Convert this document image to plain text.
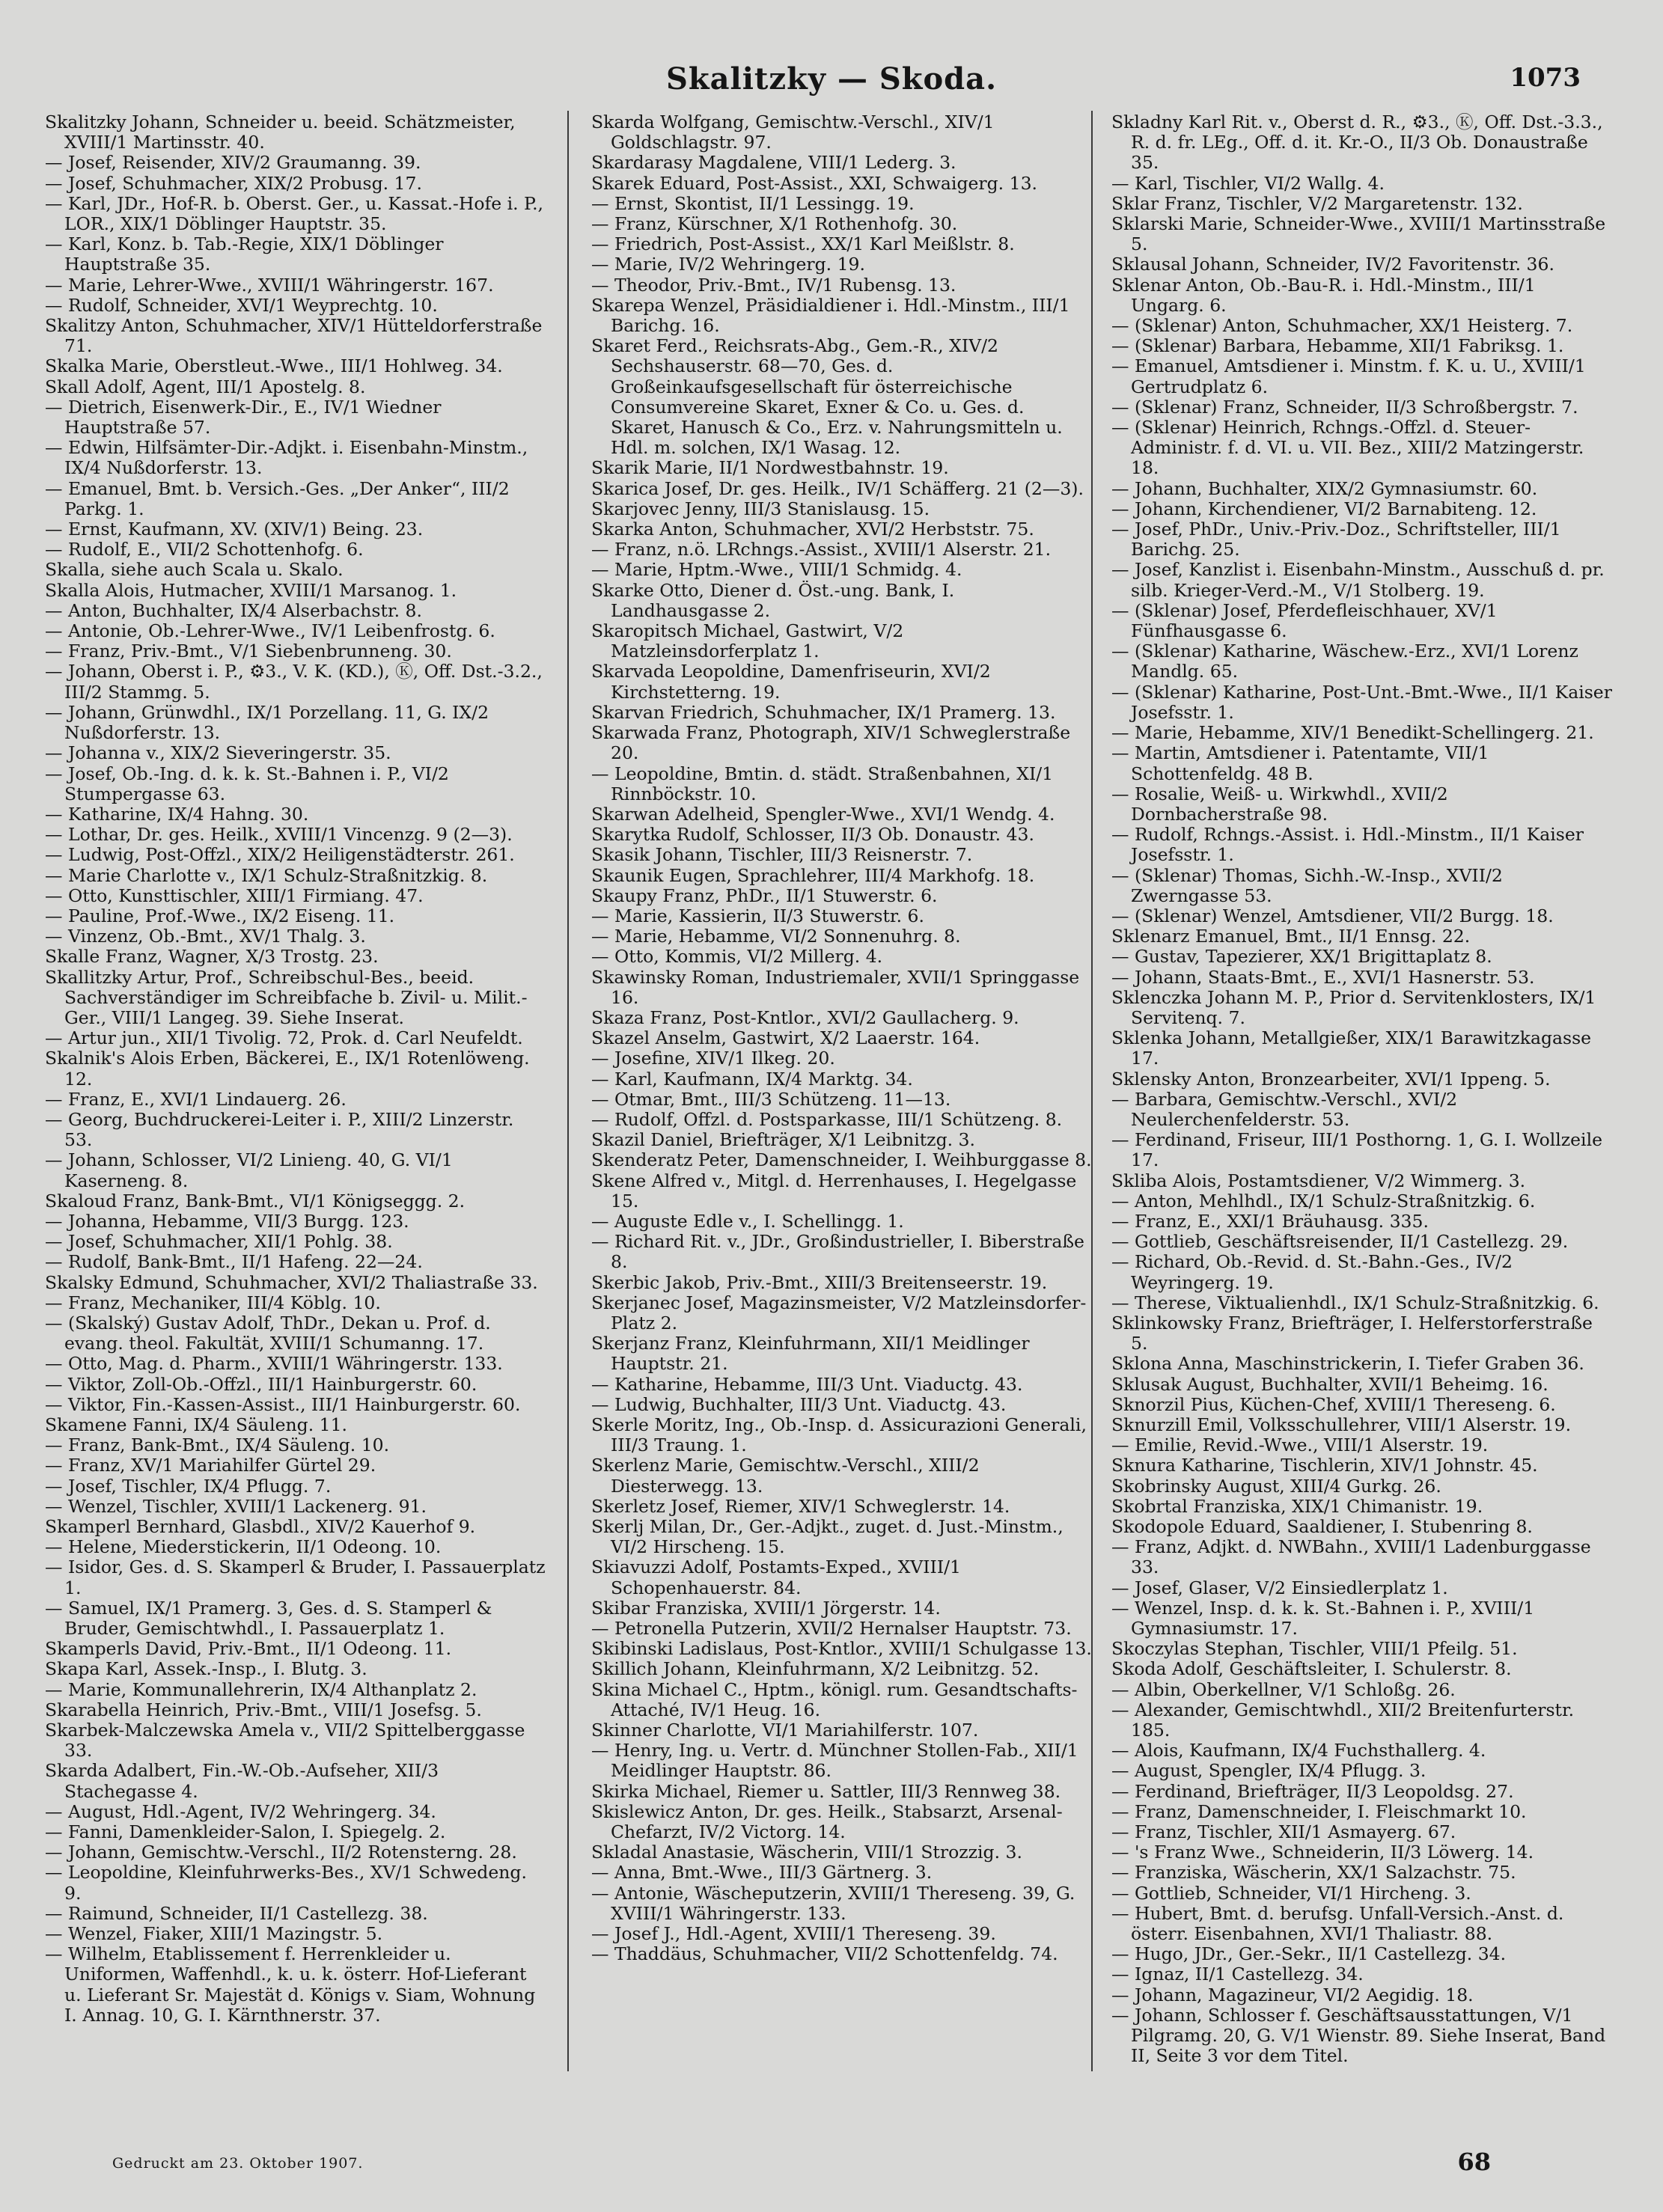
Skalitzky — Skoda.	1073

Skalitzky Johann, Schneider u. beeid. Schätzmeister, XVIII/1 Martinsstr. 40.

— Josef, Reisender, XIV/2 Graumanng. 39.

— Josef, Schuhmacher, XIX/2 Probusg. 17.

— Karl, JDr., Hof-R. b. Oberst. Ger., u. Kassat.-Hofe i. P., LOR., XIX/1 Döblinger Hauptstr. 35.

— Karl, Konz. b. Tab.-Regie, XIX/1 Döblinger Hauptstraße 35.

— Marie, Lehrer-Wwe., XVIII/1 Währingerstr. 167.

— Rudolf, Schneider, XVI/1 Weyprechtg. 10.

Skalitzy Anton, Schuhmacher, XIV/1 Hütteldorferstraße 71.

Skalka Marie, Oberstleut.-Wwe., III/1 Hohlweg. 34.

Skall Adolf, Agent, III/1 Apostelg. 8.

— Dietrich, Eisenwerk-Dir., E., IV/1 Wiedner Hauptstraße 57.

— Edwin, Hilfsämter-Dir.-Adjkt. i. Eisenbahn-Minstm., IX/4 Nußdorferstr. 13.

— Emanuel, Bmt. b. Versich.-Ges. „Der Anker“, III/2 Parkg. 1.

— Ernst, Kaufmann, XV. (XIV/1) Being. 23.

— Rudolf, E., VII/2 Schottenhofg. 6.

Skalla, siehe auch Scala u. Skalo.

Skalla Alois, Hutmacher, XVIII/1 Marsanog. 1.

— Anton, Buchhalter, IX/4 Alserbachstr. 8.

— Antonie, Ob.-Lehrer-Wwe., IV/1 Leibenfrostg. 6.

— Franz, Priv.-Bmt., V/1 Siebenbrunneng. 30.

— Johann, Oberst i. P., ⚙3., V. K. (KD.), Ⓚ, Off. Dst.-3.2., III/2 Stammg. 5.

— Johann, Grünwdhl., IX/1 Porzellang. 11, G. IX/2 Nußdorferstr. 13.

— Johanna v., XIX/2 Sieveringerstr. 35.

— Josef, Ob.-Ing. d. k. k. St.-Bahnen i. P., VI/2 Stumpergasse 63.

— Katharine, IX/4 Hahng. 30.

— Lothar, Dr. ges. Heilk., XVIII/1 Vincenzg. 9 (2—3).

— Ludwig, Post-Offzl., XIX/2 Heiligenstädterstr. 261.

— Marie Charlotte v., IX/1 Schulz-Straßnitzkig. 8.

— Otto, Kunsttischler, XIII/1 Firmiang. 47.

— Pauline, Prof.-Wwe., IX/2 Eiseng. 11.

— Vinzenz, Ob.-Bmt., XV/1 Thalg. 3.

Skalle Franz, Wagner, X/3 Trostg. 23.

Skallitzky Artur, Prof., Schreibschul-Bes., beeid. Sachverständiger im Schreibfache b. Zivil- u. Milit.-Ger., VIII/1 Langeg. 39. Siehe Inserat.

— Artur jun., XII/1 Tivolig. 72, Prok. d. Carl Neufeldt.

Skalnik's Alois Erben, Bäckerei, E., IX/1 Rotenlöweng. 12.

— Franz, E., XVI/1 Lindauerg. 26.

— Georg, Buchdruckerei-Leiter i. P., XIII/2 Linzerstr. 53.

— Johann, Schlosser, VI/2 Linieng. 40, G. VI/1 Kaserneng. 8.

Skaloud Franz, Bank-Bmt., VI/1 Königseggg. 2.

— Johanna, Hebamme, VII/3 Burgg. 123.

— Josef, Schuhmacher, XII/1 Pohlg. 38.

— Rudolf, Bank-Bmt., II/1 Hafeng. 22—24.

Skalsky Edmund, Schuhmacher, XVI/2 Thaliastraße 33.

— Franz, Mechaniker, III/4 Köblg. 10.

— (Skalský) Gustav Adolf, ThDr., Dekan u. Prof. d. evang. theol. Fakultät, XVIII/1 Schumanng. 17.

— Otto, Mag. d. Pharm., XVIII/1 Währingerstr. 133.

— Viktor, Zoll-Ob.-Offzl., III/1 Hainburgerstr. 60.

— Viktor, Fin.-Kassen-Assist., III/1 Hainburgerstr. 60.

Skamene Fanni, IX/4 Säuleng. 11.

— Franz, Bank-Bmt., IX/4 Säuleng. 10.

— Franz, XV/1 Mariahilfer Gürtel 29.

— Josef, Tischler, IX/4 Pflugg. 7.

— Wenzel, Tischler, XVIII/1 Lackenerg. 91.

Skamperl Bernhard, Glasbdl., XIV/2 Kauerhof 9.

— Helene, Miederstickerin, II/1 Odeong. 10.

— Isidor, Ges. d. S. Skamperl & Bruder, I. Passauerplatz 1.

— Samuel, IX/1 Pramerg. 3, Ges. d. S. Stamperl & Bruder, Gemischtwhdl., I. Passauerplatz 1.

Skamperls David, Priv.-Bmt., II/1 Odeong. 11.

Skapa Karl, Assek.-Insp., I. Blutg. 3.

— Marie, Kommunallehrerin, IX/4 Althanplatz 2.

Skarabella Heinrich, Priv.-Bmt., VIII/1 Josefsg. 5.

Skarbek-Malczewska Amela v., VII/2 Spittelberggasse 33.

Skarda Adalbert, Fin.-W.-Ob.-Aufseher, XII/3 Stachegasse 4.

— August, Hdl.-Agent, IV/2 Wehringerg. 34.

— Fanni, Damenkleider-Salon, I. Spiegelg. 2.

— Johann, Gemischtw.-Verschl., II/2 Rotensterng. 28.

— Leopoldine, Kleinfuhrwerks-Bes., XV/1 Schwedeng. 9.

— Raimund, Schneider, II/1 Castellezg. 38.

— Wenzel, Fiaker, XIII/1 Mazingstr. 5.

— Wilhelm, Etablissement f. Herrenkleider u. Uniformen, Waffenhdl., k. u. k. österr. Hof-Lieferant u. Lieferant Sr. Majestät d. Königs v. Siam, Wohnung I. Annag. 10, G. I. Kärnthnerstr. 37.

Skarda Wolfgang, Gemischtw.-Verschl., XIV/1 Goldschlagstr. 97.

Skardarasy Magdalene, VIII/1 Lederg. 3.

Skarek Eduard, Post-Assist., XXI, Schwaigerg. 13.

— Ernst, Skontist, II/1 Lessingg. 19.

— Franz, Kürschner, X/1 Rothenhofg. 30.

— Friedrich, Post-Assist., XX/1 Karl Meißlstr. 8.

— Marie, IV/2 Wehringerg. 19.

— Theodor, Priv.-Bmt., IV/1 Rubensg. 13.

Skarepa Wenzel, Präsidialdiener i. Hdl.-Minstm., III/1 Barichg. 16.

Skaret Ferd., Reichsrats-Abg., Gem.-R., XIV/2 Sechshauserstr. 68—70, Ges. d. Großeinkaufsgesellschaft für österreichische Consumvereine Skaret, Exner & Co. u. Ges. d. Skaret, Hanusch & Co., Erz. v. Nahrungsmitteln u. Hdl. m. solchen, IX/1 Wasag. 12.

Skarik Marie, II/1 Nordwestbahnstr. 19.

Skarica Josef, Dr. ges. Heilk., IV/1 Schäfferg. 21 (2—3).

Skarjovec Jenny, III/3 Stanislausg. 15.

Skarka Anton, Schuhmacher, XVI/2 Herbststr. 75.

— Franz, n.ö. LRchngs.-Assist., XVIII/1 Alserstr. 21.

— Marie, Hptm.-Wwe., VIII/1 Schmidg. 4.

Skarke Otto, Diener d. Öst.-ung. Bank, I. Landhausgasse 2.

Skaropitsch Michael, Gastwirt, V/2 Matzleinsdorferplatz 1.

Skarvada Leopoldine, Damenfriseurin, XVI/2 Kirchstetterng. 19.

Skarvan Friedrich, Schuhmacher, IX/1 Pramerg. 13.

Skarwada Franz, Photograph, XIV/1 Schweglerstraße 20.

— Leopoldine, Bmtin. d. städt. Straßenbahnen, XI/1 Rinnböckstr. 10.

Skarwan Adelheid, Spengler-Wwe., XVI/1 Wendg. 4.

Skarytka Rudolf, Schlosser, II/3 Ob. Donaustr. 43.

Skasik Johann, Tischler, III/3 Reisnerstr. 7.

Skaunik Eugen, Sprachlehrer, III/4 Markhofg. 18.

Skaupy Franz, PhDr., II/1 Stuwerstr. 6.

— Marie, Kassierin, II/3 Stuwerstr. 6.

— Marie, Hebamme, VI/2 Sonnenuhrg. 8.

— Otto, Kommis, VI/2 Millerg. 4.

Skawinsky Roman, Industriemaler, XVII/1 Springgasse 16.

Skaza Franz, Post-Kntlor., XVI/2 Gaullacherg. 9.

Skazel Anselm, Gastwirt, X/2 Laaerstr. 164.

— Josefine, XIV/1 Ilkeg. 20.

— Karl, Kaufmann, IX/4 Marktg. 34.

— Otmar, Bmt., III/3 Schützeng. 11—13.

— Rudolf, Offzl. d. Postsparkasse, III/1 Schützeng. 8.

Skazil Daniel, Briefträger, X/1 Leibnitzg. 3.

Skenderatz Peter, Damenschneider, I. Weihburggasse 8.

Skene Alfred v., Mitgl. d. Herrenhauses, I. Hegelgasse 15.

— Auguste Edle v., I. Schellingg. 1.

— Richard Rit. v., JDr., Großindustrieller, I. Biberstraße 8.

Skerbic Jakob, Priv.-Bmt., XIII/3 Breitenseerstr. 19.

Skerjanec Josef, Magazinsmeister, V/2 Matzleinsdorfer-Platz 2.

Skerjanz Franz, Kleinfuhrmann, XII/1 Meidlinger Hauptstr. 21.

— Katharine, Hebamme, III/3 Unt. Viaductg. 43.

— Ludwig, Buchhalter, III/3 Unt. Viaductg. 43.

Skerle Moritz, Ing., Ob.-Insp. d. Assicurazioni Generali, III/3 Traung. 1.

Skerlenz Marie, Gemischtw.-Verschl., XIII/2 Diesterwegg. 13.

Skerletz Josef, Riemer, XIV/1 Schweglerstr. 14.

Skerlj Milan, Dr., Ger.-Adjkt., zuget. d. Just.-Minstm., VI/2 Hirscheng. 15.

Skiavuzzi Adolf, Postamts-Exped., XVIII/1 Schopenhauerstr. 84.

Skibar Franziska, XVIII/1 Jörgerstr. 14.

— Petronella Putzerin, XVII/2 Hernalser Hauptstr. 73.

Skibinski Ladislaus, Post-Kntlor., XVIII/1 Schulgasse 13.

Skillich Johann, Kleinfuhrmann, X/2 Leibnitzg. 52.

Skina Michael C., Hptm., königl. rum. Gesandtschafts-Attaché, IV/1 Heug. 16.

Skinner Charlotte, VI/1 Mariahilferstr. 107.

— Henry, Ing. u. Vertr. d. Münchner Stollen-Fab., XII/1 Meidlinger Hauptstr. 86.

Skirka Michael, Riemer u. Sattler, III/3 Rennweg 38.

Skislewicz Anton, Dr. ges. Heilk., Stabsarzt, Arsenal-Chefarzt, IV/2 Victorg. 14.

Skladal Anastasie, Wäscherin, VIII/1 Strozzig. 3.

— Anna, Bmt.-Wwe., III/3 Gärtnerg. 3.

— Antonie, Wäscheputzerin, XVIII/1 Thereseng. 39, G. XVIII/1 Währingerstr. 133.

— Josef J., Hdl.-Agent, XVIII/1 Thereseng. 39.

— Thaddäus, Schuhmacher, VII/2 Schottenfeldg. 74.

Skladny Karl Rit. v., Oberst d. R., ⚙3., Ⓚ, Off. Dst.-3.3., R. d. fr. LEg., Off. d. it. Kr.-O., II/3 Ob. Donaustraße 35.

— Karl, Tischler, VI/2 Wallg. 4.

Sklar Franz, Tischler, V/2 Margaretenstr. 132.

Sklarski Marie, Schneider-Wwe., XVIII/1 Martinsstraße 5.

Sklausal Johann, Schneider, IV/2 Favoritenstr. 36.

Sklenar Anton, Ob.-Bau-R. i. Hdl.-Minstm., III/1 Ungarg. 6.

— (Sklenar) Anton, Schuhmacher, XX/1 Heisterg. 7.

— (Sklenar) Barbara, Hebamme, XII/1 Fabriksg. 1.

— Emanuel, Amtsdiener i. Minstm. f. K. u. U., XVIII/1 Gertrudplatz 6.

— (Sklenar) Franz, Schneider, II/3 Schroßbergstr. 7.

— (Sklenar) Heinrich, Rchngs.-Offzl. d. Steuer-Administr. f. d. VI. u. VII. Bez., XIII/2 Matzingerstr. 18.

— Johann, Buchhalter, XIX/2 Gymnasiumstr. 60.

— Johann, Kirchendiener, VI/2 Barnabiteng. 12.

— Josef, PhDr., Univ.-Priv.-Doz., Schriftsteller, III/1 Barichg. 25.

— Josef, Kanzlist i. Eisenbahn-Minstm., Ausschuß d. pr. silb. Krieger-Verd.-M., V/1 Stolberg. 19.

— (Sklenar) Josef, Pferdefleischhauer, XV/1 Fünfhausgasse 6.

— (Sklenar) Katharine, Wäschew.-Erz., XVI/1 Lorenz Mandlg. 65.

— (Sklenar) Katharine, Post-Unt.-Bmt.-Wwe., II/1 Kaiser Josefsstr. 1.

— Marie, Hebamme, XIV/1 Benedikt-Schellingerg. 21.

— Martin, Amtsdiener i. Patentamte, VII/1 Schottenfeldg. 48 B.

— Rosalie, Weiß- u. Wirkwhdl., XVII/2 Dornbacherstraße 98.

— Rudolf, Rchngs.-Assist. i. Hdl.-Minstm., II/1 Kaiser Josefsstr. 1.

— (Sklenar) Thomas, Sichh.-W.-Insp., XVII/2 Zwerngasse 53.

— (Sklenar) Wenzel, Amtsdiener, VII/2 Burgg. 18.

Sklenarz Emanuel, Bmt., II/1 Ennsg. 22.

— Gustav, Tapezierer, XX/1 Brigittaplatz 8.

— Johann, Staats-Bmt., E., XVI/1 Hasnerstr. 53.

Sklenczka Johann M. P., Prior d. Servitenklosters, IX/1 Servitenq. 7.

Sklenka Johann, Metallgießer, XIX/1 Barawitzkagasse 17.

Sklensky Anton, Bronzearbeiter, XVI/1 Ippeng. 5.

— Barbara, Gemischtw.-Verschl., XVI/2 Neulerchenfelderstr. 53.

— Ferdinand, Friseur, III/1 Posthorng. 1, G. I. Wollzeile 17.

Skliba Alois, Postamtsdiener, V/2 Wimmerg. 3.

— Anton, Mehlhdl., IX/1 Schulz-Straßnitzkig. 6.

— Franz, E., XXI/1 Bräuhausg. 335.

— Gottlieb, Geschäftsreisender, II/1 Castellezg. 29.

— Richard, Ob.-Revid. d. St.-Bahn.-Ges., IV/2 Weyringerg. 19.

— Therese, Viktualienhdl., IX/1 Schulz-Straßnitzkig. 6.

Sklinkowsky Franz, Briefträger, I. Helferstorferstraße 5.

Sklona Anna, Maschinstrickerin, I. Tiefer Graben 36.

Sklusak August, Buchhalter, XVII/1 Beheimg. 16.

Sknorzil Pius, Küchen-Chef, XVIII/1 Thereseng. 6.

Sknurzill Emil, Volksschullehrer, VIII/1 Alserstr. 19.

— Emilie, Revid.-Wwe., VIII/1 Alserstr. 19.

Sknura Katharine, Tischlerin, XIV/1 Johnstr. 45.

Skobrinsky August, XIII/4 Gurkg. 26.

Skobrtal Franziska, XIX/1 Chimanistr. 19.

Skodopole Eduard, Saaldiener, I. Stubenring 8.

— Franz, Adjkt. d. NWBahn., XVIII/1 Ladenburggasse 33.

— Josef, Glaser, V/2 Einsiedlerplatz 1.

— Wenzel, Insp. d. k. k. St.-Bahnen i. P., XVIII/1 Gymnasiumstr. 17.

Skoczylas Stephan, Tischler, VIII/1 Pfeilg. 51.

Skoda Adolf, Geschäftsleiter, I. Schulerstr. 8.

— Albin, Oberkellner, V/1 Schloßg. 26.

— Alexander, Gemischtwhdl., XII/2 Breitenfurterstr. 185.

— Alois, Kaufmann, IX/4 Fuchsthallerg. 4.

— August, Spengler, IX/4 Pflugg. 3.

— Ferdinand, Briefträger, II/3 Leopoldsg. 27.

— Franz, Damenschneider, I. Fleischmarkt 10.

— Franz, Tischler, XII/1 Asmayerg. 67.

— 's Franz Wwe., Schneiderin, II/3 Löwerg. 14.

— Franziska, Wäscherin, XX/1 Salzachstr. 75.

— Gottlieb, Schneider, VI/1 Hircheng. 3.

— Hubert, Bmt. d. berufsg. Unfall-Versich.-Anst. d. österr. Eisenbahnen, XVI/1 Thaliastr. 88.

— Hugo, JDr., Ger.-Sekr., II/1 Castellezg. 34.

— Ignaz, II/1 Castellezg. 34.

— Johann, Magazineur, VI/2 Aegidig. 18.

— Johann, Schlosser f. Geschäftsausstattungen, V/1 Pilgramg. 20, G. V/1 Wienstr. 89. Siehe Inserat, Band II, Seite 3 vor dem Titel.

Gedruckt am 23. Oktober 1907.	68
